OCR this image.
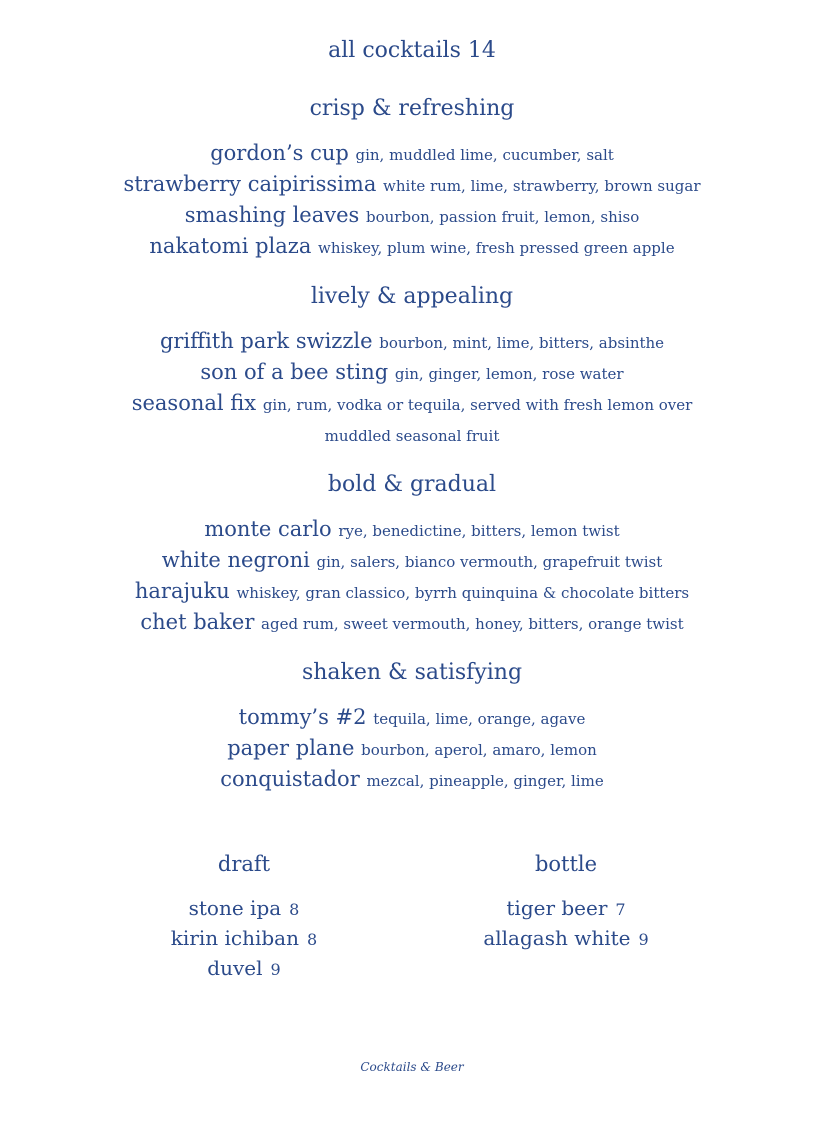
all cocktails 14
crisp & refreshing
gordon’s cup gin, muddled lime, cucumber, salt
strawberry caipirissima white rum, lime, strawberry, brown sugar
smashing leaves bourbon, passion fruit, lemon, shiso
nakatomi plaza whiskey, plum wine, fresh pressed green apple
lively & appealing
griffith park swizzle bourbon, mint, lime, bitters, absinthe
son of a bee sting gin, ginger, lemon, rose water
seasonal fix gin, rum, vodka or tequila, served with fresh lemon over muddled seasonal fruit
bold & gradual
monte carlo rye, benedictine, bitters, lemon twist
white negroni gin, salers, bianco vermouth, grapefruit twist
harajuku whiskey, gran classico, byrrh quinquina & chocolate bitters
chet baker aged rum, sweet vermouth, honey, bitters, orange twist
shaken & satisfying
tommy’s #2 tequila, lime, orange, agave
paper plane bourbon, aperol, amaro, lemon
conquistador mezcal, pineapple, ginger, lime
draft
stone ipa 8
kirin ichiban 8
duvel 9
bottle
tiger beer 7
allagash white 9
Cocktails & Beer
